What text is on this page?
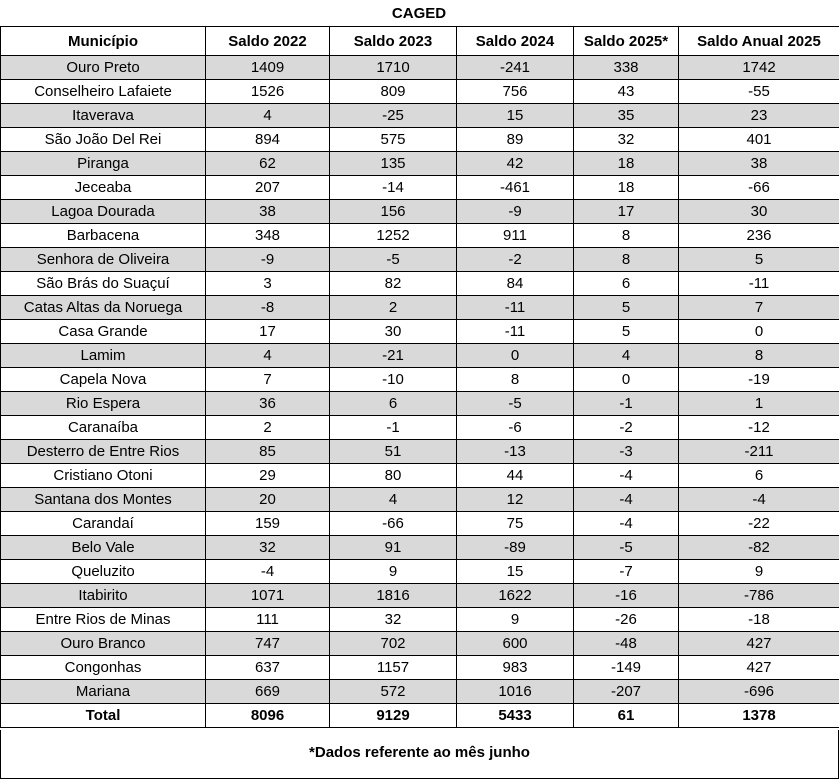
CAGED
Município	Saldo 2022	Saldo 2023	Saldo 2024	Saldo 2025*	Saldo Anual 2025
Ouro Preto	1409	1710	-241	338	1742
Conselheiro Lafaiete	1526	809	756	43	-55
Itaverava	4	-25	15	35	23
São João Del Rei	894	575	89	32	401
Piranga	62	135	42	18	38
Jeceaba	207	-14	-461	18	-66
Lagoa Dourada	38	156	-9	17	30
Barbacena	348	1252	911	8	236
Senhora de Oliveira	-9	-5	-2	8	5
São Brás do Suaçuí	3	82	84	6	-11
Catas Altas da Noruega	-8	2	-11	5	7
Casa Grande	17	30	-11	5	0
Lamim	4	-21	0	4	8
Capela Nova	7	-10	8	0	-19
Rio Espera	36	6	-5	-1	1
Caranaíba	2	-1	-6	-2	-12
Desterro de Entre Rios	85	51	-13	-3	-211
Cristiano Otoni	29	80	44	-4	6
Santana dos Montes	20	4	12	-4	-4
Carandaí	159	-66	75	-4	-22
Belo Vale	32	91	-89	-5	-82
Queluzito	-4	9	15	-7	9
Itabirito	1071	1816	1622	-16	-786
Entre Rios de Minas	111	32	9	-26	-18
Ouro Branco	747	702	600	-48	427
Congonhas	637	1157	983	-149	427
Mariana	669	572	1016	-207	-696
Total	8096	9129	5433	61	1378
*Dados referente ao mês junho
